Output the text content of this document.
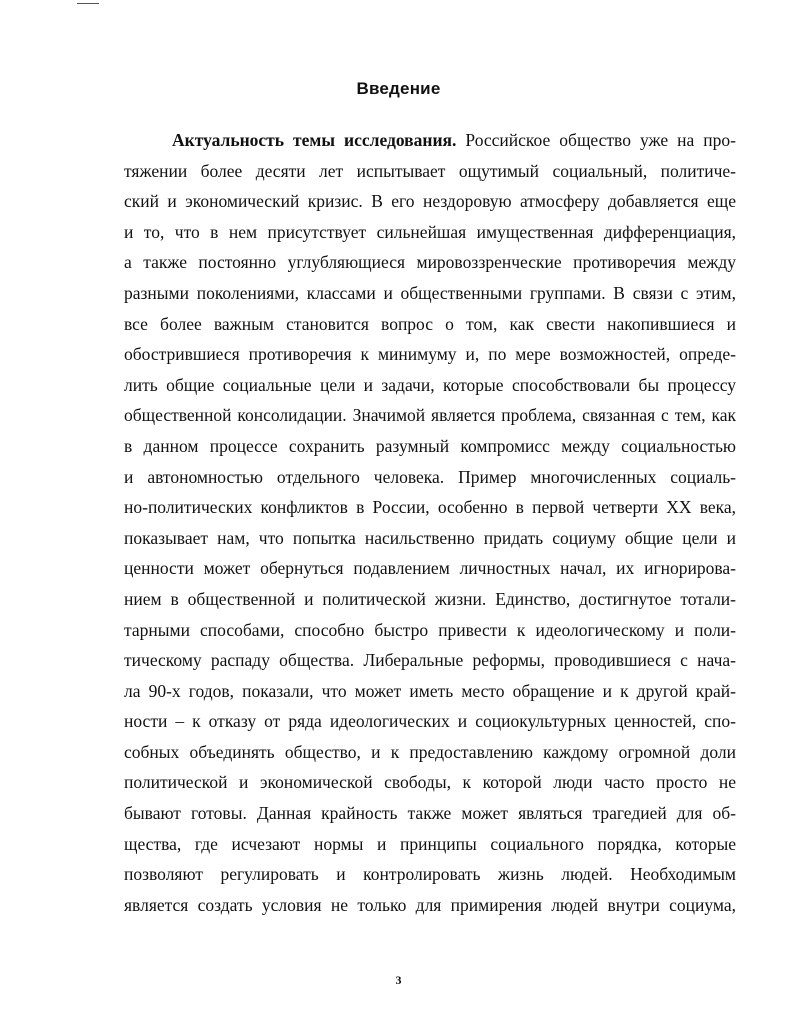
Введение
Актуальность темы исследования. Российское общество уже на про-
тяжении более десяти лет испытывает ощутимый социальный, политиче-
ский и экономический кризис. В его нездоровую атмосферу добавляется еще
и то, что в нем присутствует сильнейшая имущественная дифференциация,
а также постоянно углубляющиеся мировоззренческие противоречия между
разными поколениями, классами и общественными группами. В связи с этим,
все более важным становится вопрос о том, как свести накопившиеся и
обострившиеся противоречия к минимуму и, по мере возможностей, опреде-
лить общие социальные цели и задачи, которые способствовали бы процессу
общественной консолидации. Значимой является проблема, связанная с тем, как
в данном процессе сохранить разумный компромисс между социальностью
и автономностью отдельного человека. Пример многочисленных социаль-
но-политических конфликтов в России, особенно в первой четверти XX века,
показывает нам, что попытка насильственно придать социуму общие цели и
ценности может обернуться подавлением личностных начал, их игнорирова-
нием в общественной и политической жизни. Единство, достигнутое тотали-
тарными способами, способно быстро привести к идеологическому и поли-
тическому распаду общества. Либеральные реформы, проводившиеся с нача-
ла 90-х годов, показали, что может иметь место обращение и к другой край-
ности – к отказу от ряда идеологических и социокультурных ценностей, спо-
собных объединять общество, и к предоставлению каждому огромной доли
политической и экономической свободы, к которой люди часто просто не
бывают готовы. Данная крайность также может являться трагедией для об-
щества, где исчезают нормы и принципы социального порядка, которые
позволяют регулировать и контролировать жизнь людей. Необходимым
является создать условия не только для примирения людей внутри социума,
3
